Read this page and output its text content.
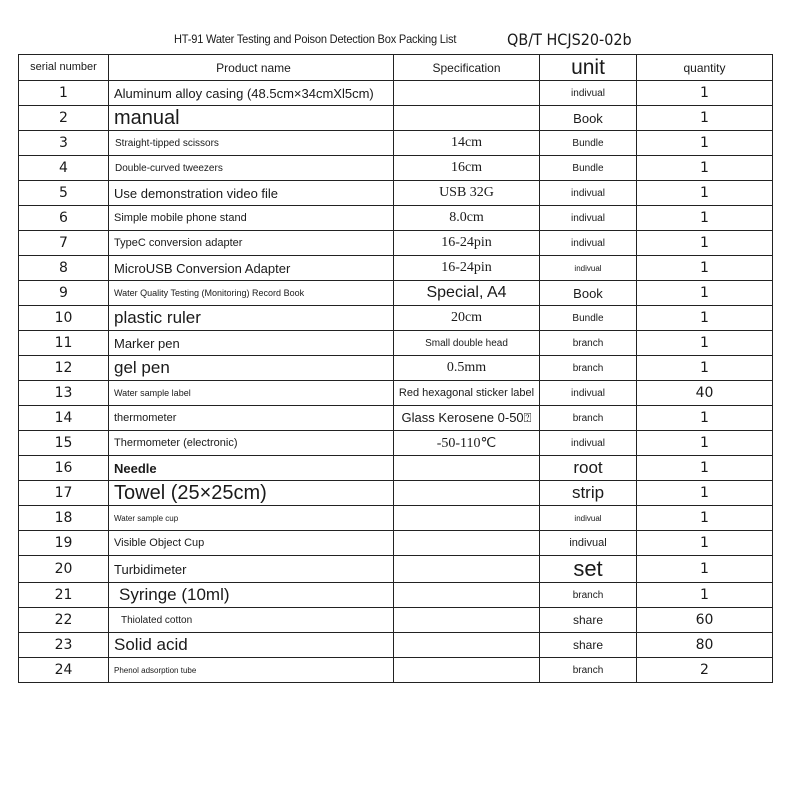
HT-91 Water Testing and Poison Detection Box Packing List	QB/T HCJS20-02b
serial number	Product name	Specification	unit	quantity
1	Aluminum alloy casing (48.5cm×34cmXl5cm)		indivual	1
2	manual		Book	1
3	Straight-tipped scissors	14cm	Bundle	1
4	Double-curved tweezers	16cm	Bundle	1
5	Use demonstration video file	USB 32G	indivual	1
6	Simple mobile phone stand	8.0cm	indivual	1
7	TypeC conversion adapter	16-24pin	indivual	1
8	MicroUSB Conversion Adapter	16-24pin	indivual	1
9	Water Quality Testing (Monitoring) Record Book	Special, A4	Book	1
10	plastic ruler	20cm	Bundle	1
11	Marker pen	Small double head	branch	1
12	gel pen	0.5mm	branch	1
13	Water sample label	Red hexagonal sticker label	indivual	40
14	thermometer	Glass Kerosene 0-50⍰	branch	1
15	Thermometer (electronic)	-50-110℃	indivual	1
16	Needle		root	1
17	Towel (25×25cm)		strip	1
18	Water sample cup		indivual	1
19	Visible Object Cup		indivual	1
20	Turbidimeter		set	1
21	Syringe (10ml)		branch	1
22	Thiolated cotton		share	60
23	Solid acid		share	80
24	Phenol adsorption tube		branch	2
